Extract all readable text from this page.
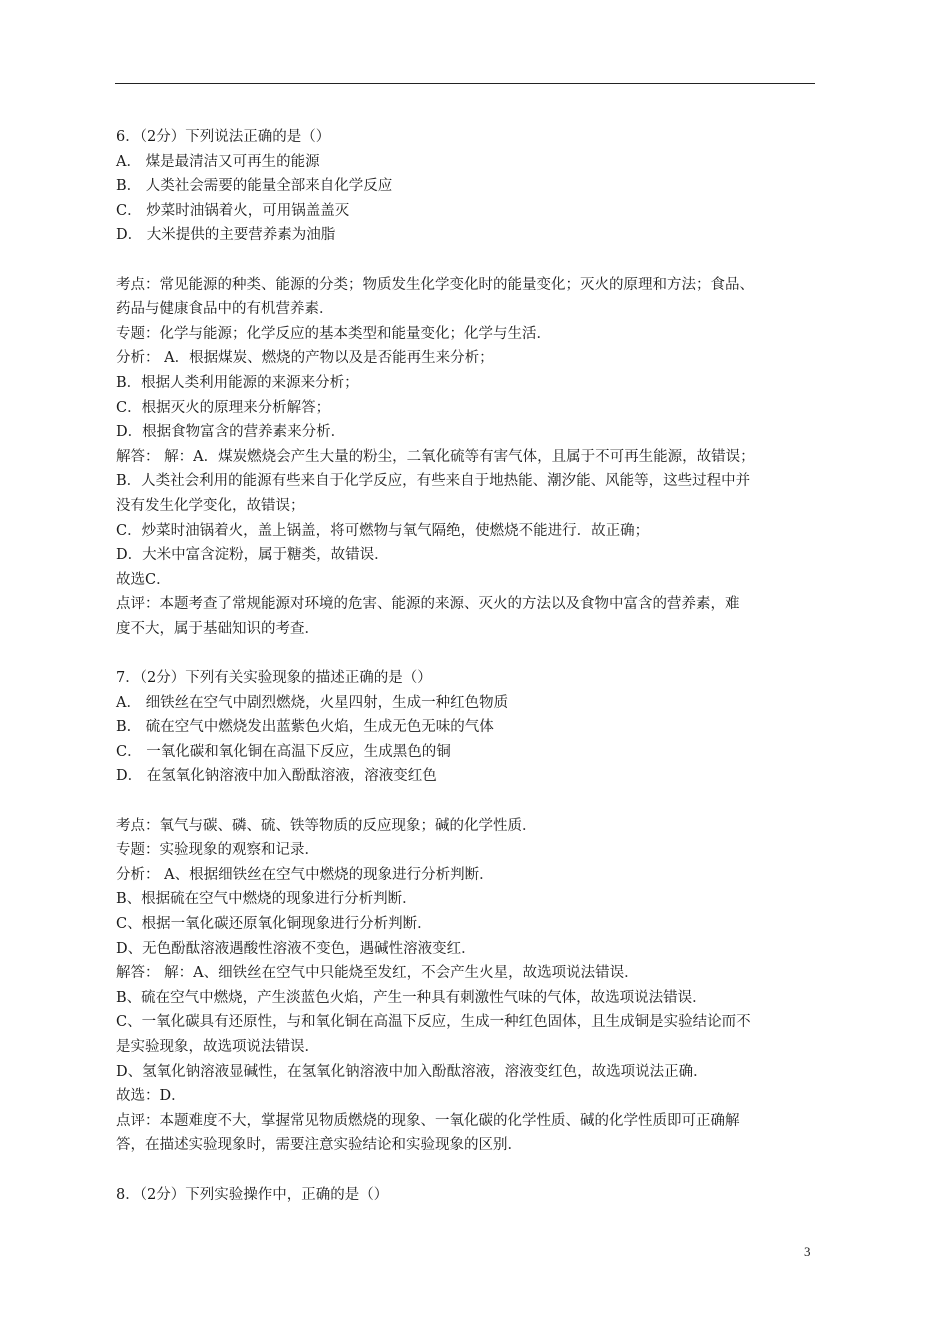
6．（2分）下列说法正确的是（）
A． 煤是最清洁又可再生的能源
B． 人类社会需要的能量全部来自化学反应
C． 炒菜时油锅着火，可用锅盖盖灭
D． 大米提供的主要营养素为油脂
考点：常见能源的种类、能源的分类；物质发生化学变化时的能量变化；灭火的原理和方法；食品、
药品与健康食品中的有机营养素．
专题：化学与能源；化学反应的基本类型和能量变化；化学与生活．
分析： A．根据煤炭、燃烧的产物以及是否能再生来分析；
B．根据人类利用能源的来源来分析；
C．根据灭火的原理来分析解答；
D．根据食物富含的营养素来分析．
解答： 解：A．煤炭燃烧会产生大量的粉尘，二氧化硫等有害气体，且属于不可再生能源，故错误；
B．人类社会利用的能源有些来自于化学反应，有些来自于地热能、潮汐能、风能等，这些过程中并
没有发生化学变化，故错误；
C．炒菜时油锅着火，盖上锅盖，将可燃物与氧气隔绝，使燃烧不能进行．故正确；
D．大米中富含淀粉，属于糖类，故错误．
故选C．
点评：本题考查了常规能源对环境的危害、能源的来源、灭火的方法以及食物中富含的营养素，难
度不大，属于基础知识的考查．
7．（2分）下列有关实验现象的描述正确的是（）
A． 细铁丝在空气中剧烈燃烧，火星四射，生成一种红色物质
B． 硫在空气中燃烧发出蓝紫色火焰，生成无色无味的气体
C． 一氧化碳和氧化铜在高温下反应，生成黑色的铜
D． 在氢氧化钠溶液中加入酚酞溶液，溶液变红色
考点：氧气与碳、磷、硫、铁等物质的反应现象；碱的化学性质．
专题：实验现象的观察和记录．
分析： A、根据细铁丝在空气中燃烧的现象进行分析判断．
B、根据硫在空气中燃烧的现象进行分析判断．
C、根据一氧化碳还原氧化铜现象进行分析判断．
D、无色酚酞溶液遇酸性溶液不变色，遇碱性溶液变红．
解答： 解：A、细铁丝在空气中只能烧至发红，不会产生火星，故选项说法错误．
B、硫在空气中燃烧，产生淡蓝色火焰，产生一种具有刺激性气味的气体，故选项说法错误．
C、一氧化碳具有还原性，与和氧化铜在高温下反应，生成一种红色固体，且生成铜是实验结论而不
是实验现象，故选项说法错误．
D、氢氧化钠溶液显碱性，在氢氧化钠溶液中加入酚酞溶液，溶液变红色，故选项说法正确．
故选：D．
点评：本题难度不大，掌握常见物质燃烧的现象、一氧化碳的化学性质、碱的化学性质即可正确解
答，在描述实验现象时，需要注意实验结论和实验现象的区别．
8．（2分）下列实验操作中，正确的是（）
3
